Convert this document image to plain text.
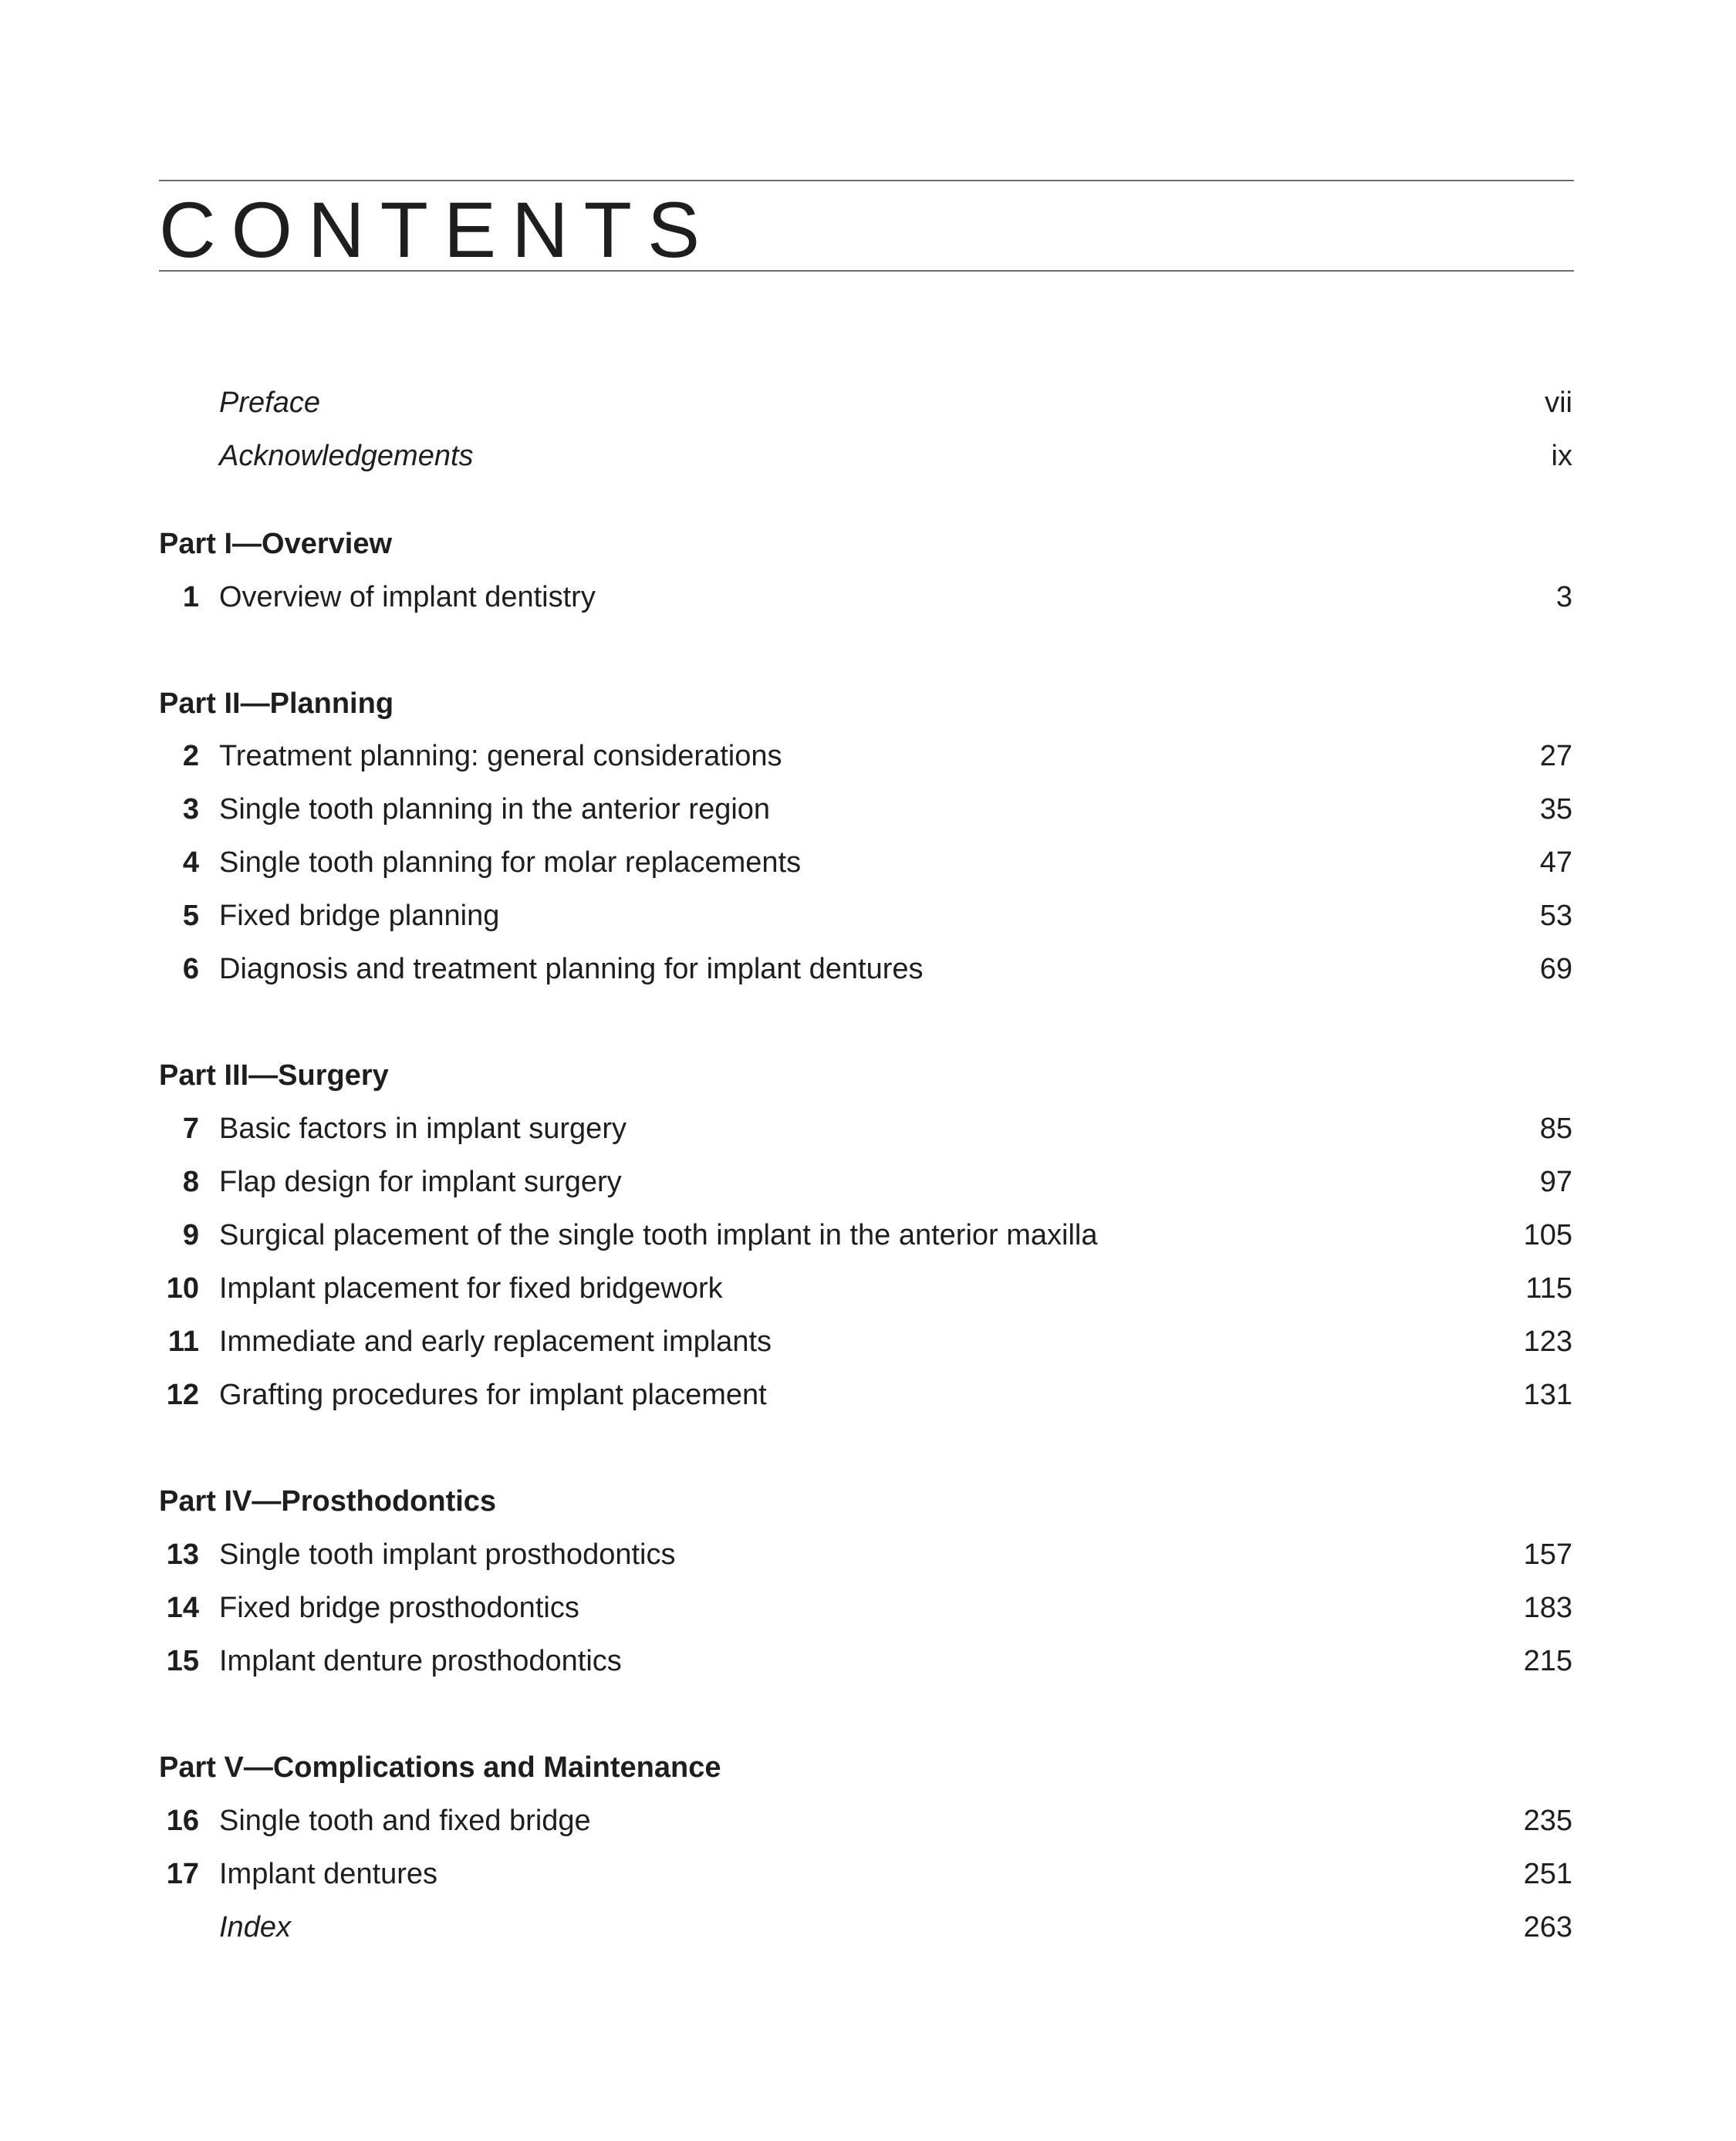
CONTENTS
Preface	vii
Acknowledgements	ix
Part I—Overview
1 Overview of implant dentistry	3
Part II—Planning
2 Treatment planning: general considerations	27
3 Single tooth planning in the anterior region	35
4 Single tooth planning for molar replacements	47
5 Fixed bridge planning	53
6 Diagnosis and treatment planning for implant dentures	69
Part III—Surgery
7 Basic factors in implant surgery	85
8 Flap design for implant surgery	97
9 Surgical placement of the single tooth implant in the anterior maxilla	105
10 Implant placement for fixed bridgework	115
11 Immediate and early replacement implants	123
12 Grafting procedures for implant placement	131
Part IV—Prosthodontics
13 Single tooth implant prosthodontics	157
14 Fixed bridge prosthodontics	183
15 Implant denture prosthodontics	215
Part V—Complications and Maintenance
16 Single tooth and fixed bridge	235
17 Implant dentures	251
Index	263
